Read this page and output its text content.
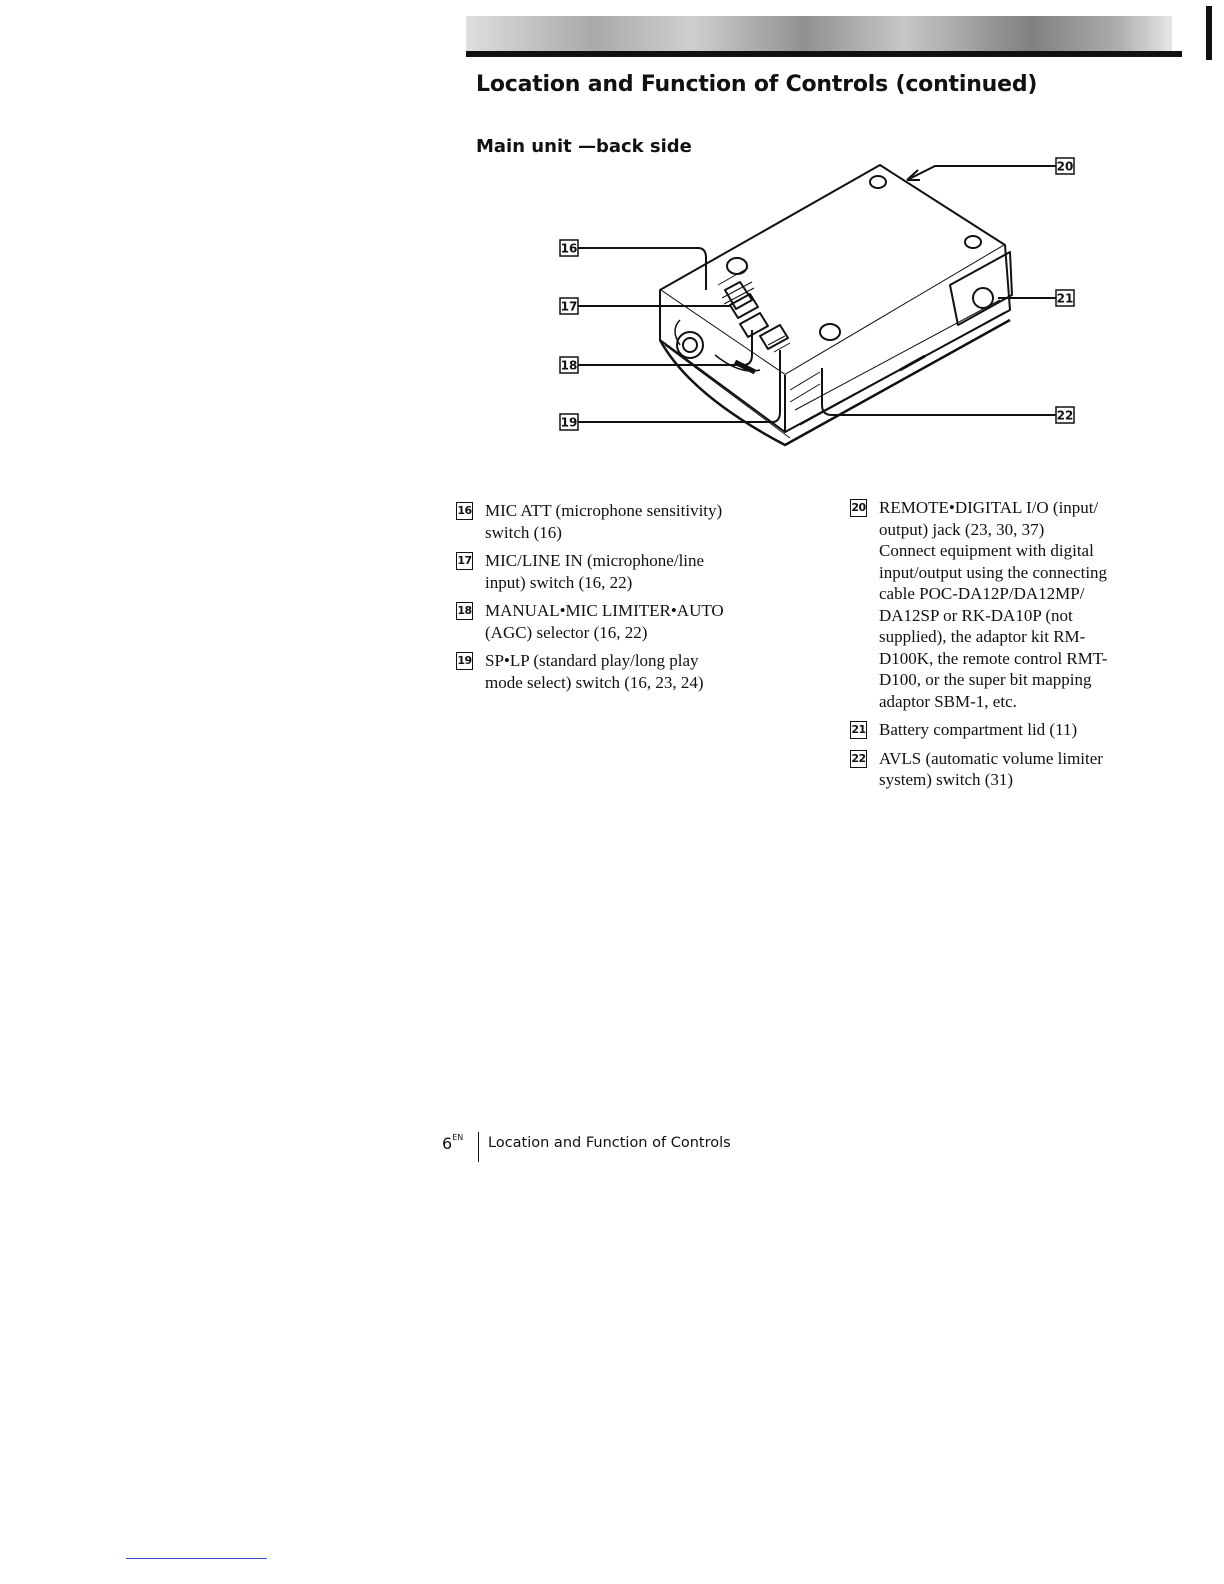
Location and Function of Controls (continued)
Main unit —back side
16
17
18
19
20
21
22
16 MIC ATT (microphone sensitivity)
switch (16)
17 MIC/LINE IN (microphone/line
input) switch (16, 22)
18 MANUAL•MIC LIMITER•AUTO
(AGC) selector (16, 22)
19 SP•LP (standard play/long play
mode select) switch (16, 23, 24)
20 REMOTE•DIGITAL I/O (input/
output) jack (23, 30, 37)
Connect equipment with digital
input/output using the connecting
cable POC-DA12P/DA12MP/
DA12SP or RK-DA10P (not
supplied), the adaptor kit RM-
D100K, the remote control RMT-
D100, or the super bit mapping
adaptor SBM-1, etc.
21 Battery compartment lid (11)
22 AVLS (automatic volume limiter
system) switch (31)
$6^{EN}$ Location and Function of Controls
